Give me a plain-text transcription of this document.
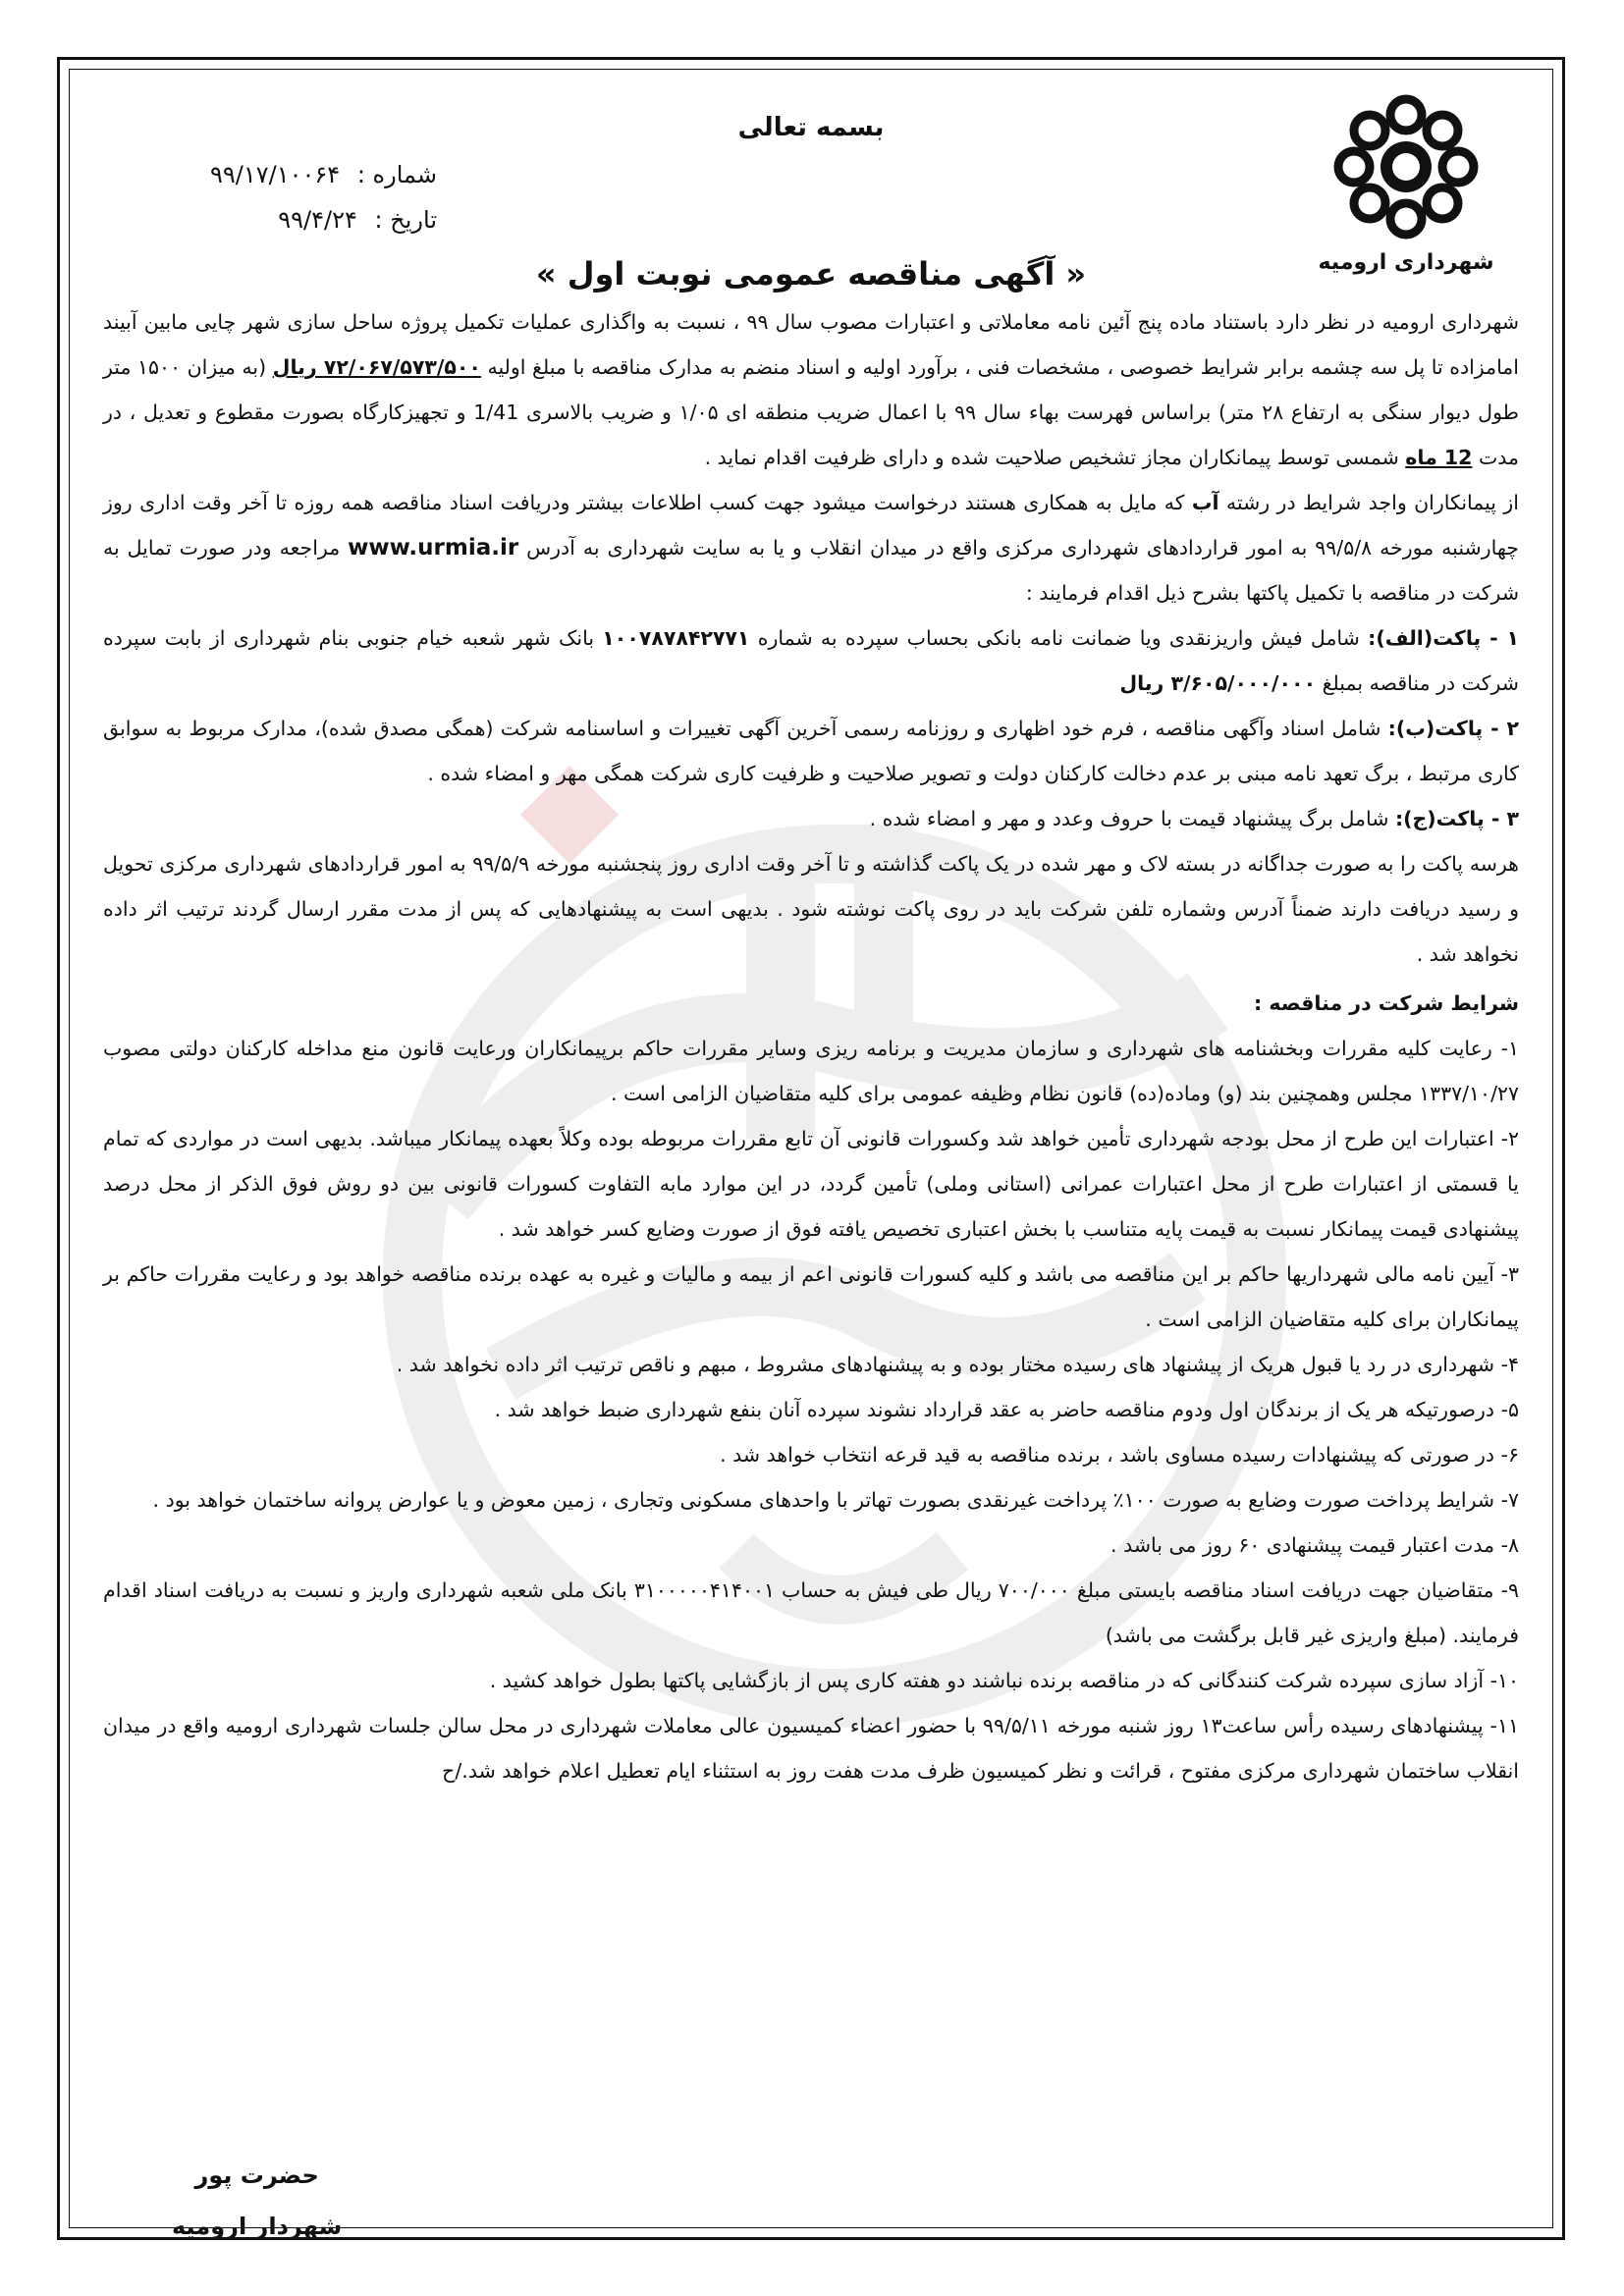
شهرداری ارومیه
بسمه تعالی
شماره : ۹۹/۱۷/۱۰۰۶۴
تاریخ : ۹۹/۴/۲۴
« آگهی مناقصه عمومی نوبت اول »

شهرداری ارومیه در نظر دارد باستناد ماده پنج آئین نامه معاملاتی و اعتبارات مصوب سال ۹۹ ، نسبت به واگذاری عملیات تکمیل پروژه ساحل سازی شهر چایی مابین آبیند امامزاده تا پل سه چشمه برابر شرایط خصوصی ، مشخصات فنی ، برآورد اولیه و اسناد منضم به مدارک مناقصه با مبلغ اولیه ۷۲/۰۶۷/۵۷۳/۵۰۰ ریال (به میزان ۱۵۰۰ متر طول دیوار سنگی به ارتفاع ۲۸ متر) براساس فهرست بهاء سال ۹۹ با اعمال ضریب منطقه ای ۱/۰۵ و ضریب بالاسری 1/41 و تجهیزکارگاه بصورت مقطوع و تعدیل ، در مدت 12 ماه شمسی توسط پیمانکاران مجاز تشخیص صلاحیت شده و دارای ظرفیت اقدام نماید .

از پیمانکاران واجد شرایط در رشته آب که مایل به همکاری هستند درخواست میشود جهت کسب اطلاعات بیشتر ودریافت اسناد مناقصه همه روزه تا آخر وقت اداری روز چهارشنبه مورخه ۹۹/۵/۸ به امور قراردادهای شهرداری مرکزی واقع در میدان انقلاب و یا به سایت شهرداری به آدرس www.urmia.ir مراجعه ودر صورت تمایل به شرکت در مناقصه با تکمیل پاکتها بشرح ذیل اقدام فرمایند :

۱ - پاکت(الف): شامل فیش واریزنقدی ویا ضمانت نامه بانکی بحساب سپرده به شماره ۱۰۰۷۸۷۸۴۲۷۷۱ بانک شهر شعبه خیام جنوبی بنام شهرداری از بابت سپرده شرکت در مناقصه بمبلغ ۳/۶۰۵/۰۰۰/۰۰۰ ریال

۲ - پاکت(ب): شامل اسناد وآگهی مناقصه ، فرم خود اظهاری و روزنامه رسمی آخرین آگهی تغییرات و اساسنامه شرکت (همگی مصدق شده)، مدارک مربوط به سوابق کاری مرتبط ، برگ تعهد نامه مبنی بر عدم دخالت کارکنان دولت و تصویر صلاحیت و ظرفیت کاری شرکت همگی مهر و امضاء شده .

۳ - پاکت(ج): شامل برگ پیشنهاد قیمت با حروف وعدد و مهر و امضاء شده .

هرسه پاکت را به صورت جداگانه در بسته لاک و مهر شده در یک پاکت گذاشته و تا آخر وقت اداری روز پنجشنبه مورخه ۹۹/۵/۹ به امور قراردادهای شهرداری مرکزی تحویل و رسید دریافت دارند ضمناً آدرس وشماره تلفن شرکت باید در روی پاکت نوشته شود . بدیهی است به پیشنهادهایی که پس از مدت مقرر ارسال گردند ترتیب اثر داده نخواهد شد .

شرایط شرکت در مناقصه :

۱- رعایت کلیه مقررات وبخشنامه های شهرداری و سازمان مدیریت و برنامه ریزی وسایر مقررات حاکم برپیمانکاران ورعایت قانون منع مداخله کارکنان دولتی مصوب ۱۳۳۷/۱۰/۲۷ مجلس وهمچنین بند (و) وماده(ده) قانون نظام وظیفه عمومی برای کلیه متقاضیان الزامی است .

۲- اعتبارات این طرح از محل بودجه شهرداری تأمین خواهد شد وکسورات قانونی آن تابع مقررات مربوطه بوده وکلاً بعهده پیمانکار میباشد. بدیهی است در مواردی که تمام یا قسمتی از اعتبارات طرح از محل اعتبارات عمرانی (استانی وملی) تأمین گردد، در این موارد مابه التفاوت کسورات قانونی بین دو روش فوق الذکر از محل درصد پیشنهادی قیمت پیمانکار نسبت به قیمت پایه متناسب با بخش اعتباری تخصیص یافته فوق از صورت وضایع کسر خواهد شد .

۳- آیین نامه مالی شهرداریها حاکم بر این مناقصه می باشد و کلیه کسورات قانونی اعم از بیمه و مالیات و غیره به عهده برنده مناقصه خواهد بود و رعایت مقررات حاکم بر پیمانکاران برای کلیه متقاضیان الزامی است .

۴- شهرداری در رد یا قبول هریک از پیشنهاد های رسیده مختار بوده و به پیشنهادهای مشروط ، مبهم و ناقص ترتیب اثر داده نخواهد شد .

۵- درصورتیکه هر یک از برندگان اول ودوم مناقصه حاضر به عقد قرارداد نشوند سپرده آنان بنفع شهرداری ضبط خواهد شد .

۶- در صورتی که پیشنهادات رسیده مساوی باشد ، برنده مناقصه به قید قرعه انتخاب خواهد شد .

۷- شرایط پرداخت صورت وضایع به صورت ۱۰۰٪ پرداخت غیرنقدی بصورت تهاتر با واحدهای مسکونی وتجاری ، زمین معوض و یا عوارض پروانه ساختمان خواهد بود .

۸- مدت اعتبار قیمت پیشنهادی ۶۰ روز می باشد .

۹- متقاضیان جهت دریافت اسناد مناقصه بایستی مبلغ ۷۰۰/۰۰۰ ریال طی فیش به حساب ۳۱۰۰۰۰۰۴۱۴۰۰۱ بانک ملی شعبه شهرداری واریز و نسبت به دریافت اسناد اقدام فرمایند. (مبلغ واریزی غیر قابل برگشت می باشد)

۱۰- آزاد سازی سپرده شرکت کنندگانی که در مناقصه برنده نباشند دو هفته کاری پس از بازگشایی پاکتها بطول خواهد کشید .

۱۱- پیشنهادهای رسیده رأس ساعت۱۳ روز شنبه مورخه ۹۹/۵/۱۱ با حضور اعضاء کمیسیون عالی معاملات شهرداری در محل سالن جلسات شهرداری ارومیه واقع در میدان انقلاب ساختمان شهرداری مرکزی مفتوح ، قرائت و نظر کمیسیون ظرف مدت هفت روز به استثناء ایام تعطیل اعلام خواهد شد./ح

حضرت پور
شهردار ارومیه
